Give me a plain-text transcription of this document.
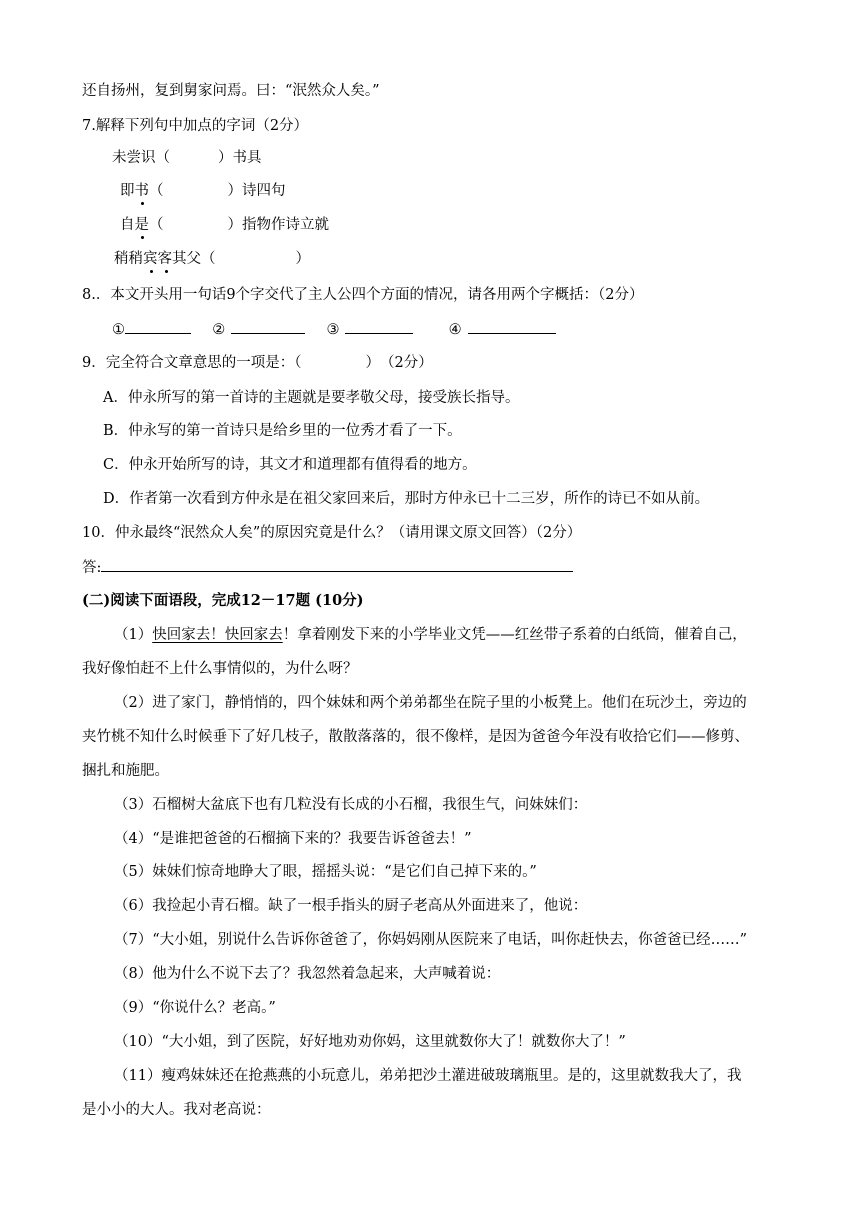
还自扬州，复到舅家问焉。曰：“泯然众人矣。”
7.解释下列句中加点的字词（2分）
未尝识（	）书具
即书（	）诗四句
自是（	）指物作诗立就
稍稍宾客其父（	）
8.．本文开头用一句话9个字交代了主人公四个方面的情况，请各用两个字概括：（2分）
①	②	③	④
9．完全符合文章意思的一项是：（	）　（2分）
A．仲永所写的第一首诗的主题就是要孝敬父母，接受族长指导。
B．仲永写的第一首诗只是给乡里的一位秀才看了一下。
C．仲永开始所写的诗，其文才和道理都有值得看的地方。
D．作者第一次看到方仲永是在祖父家回来后，那时方仲永已十二三岁，所作的诗已不如从前。
10．仲永最终“泯然众人矣”的原因究竟是什么？（请用课文原文回答）（2分）
答:
(二)阅读下面语段，完成12－17题 (10分)
（1）快回家去！快回家去！拿着刚发下来的小学毕业文凭——红丝带子系着的白纸筒，催着自己，
我好像怕赶不上什么事情似的，为什么呀？
（2）进了家门，静悄悄的，四个妹妹和两个弟弟都坐在院子里的小板凳上。他们在玩沙土，旁边的
夹竹桃不知什么时候垂下了好几枝子，散散落落的，很不像样，是因为爸爸今年没有收拾它们——修剪、
捆扎和施肥。
（3）石榴树大盆底下也有几粒没有长成的小石榴，我很生气，问妹妹们：
（4）“是谁把爸爸的石榴摘下来的？我要告诉爸爸去！”
（5）妹妹们惊奇地睁大了眼，摇摇头说：“是它们自己掉下来的。”
（6）我捡起小青石榴。缺了一根手指头的厨子老高从外面进来了，他说：
（7）“大小姐，别说什么告诉你爸爸了，你妈妈刚从医院来了电话，叫你赶快去，你爸爸已经……”
（8）他为什么不说下去了？我忽然着急起来，大声喊着说：
（9）“你说什么？老高。”
（10）“大小姐，到了医院，好好地劝劝你妈，这里就数你大了！就数你大了！”
（11）瘦鸡妹妹还在抢燕燕的小玩意儿，弟弟把沙土灌进破玻璃瓶里。是的，这里就数我大了，我
是小小的大人。我对老高说：
